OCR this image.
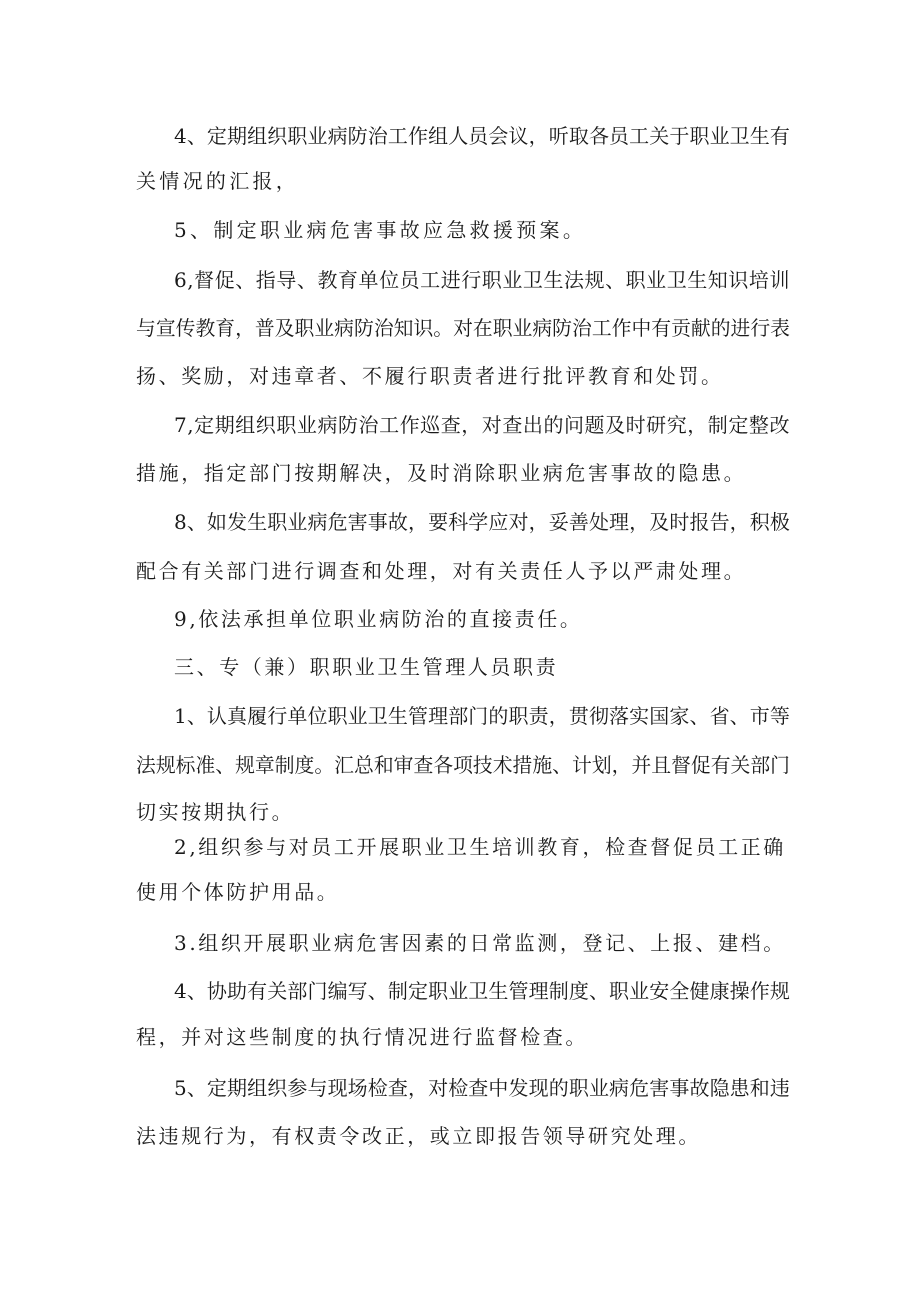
4、定期组织职业病防治工作组人员会议，听取各员工关于职业卫生有
关情况的汇报，
5、制定职业病危害事故应急救援预案。
6,督促、指导、教育单位员工进行职业卫生法规、职业卫生知识培训
与宣传教育，普及职业病防治知识。对在职业病防治工作中有贡献的进行表
扬、奖励，对违章者、不履行职责者进行批评教育和处罚。
7,定期组织职业病防治工作巡查，对查出的问题及时研究，制定整改
措施，指定部门按期解决，及时消除职业病危害事故的隐患。
8、如发生职业病危害事故，要科学应对，妥善处理，及时报告，积极
配合有关部门进行调查和处理，对有关责任人予以严肃处理。
9,依法承担单位职业病防治的直接责任。
三、专（兼）职职业卫生管理人员职责
1、认真履行单位职业卫生管理部门的职责，贯彻落实国家、省、市等
法规标准、规章制度。汇总和审查各项技术措施、计划，并且督促有关部门
切实按期执行。
2,组织参与对员工开展职业卫生培训教育，检查督促员工正确
使用个体防护用品。
3.组织开展职业病危害因素的日常监测，登记、上报、建档。
4、协助有关部门编写、制定职业卫生管理制度、职业安全健康操作规
程，并对这些制度的执行情况进行监督检查。
5、定期组织参与现场检查，对检查中发现的职业病危害事故隐患和违
法违规行为，有权责令改正，或立即报告领导研究处理。
